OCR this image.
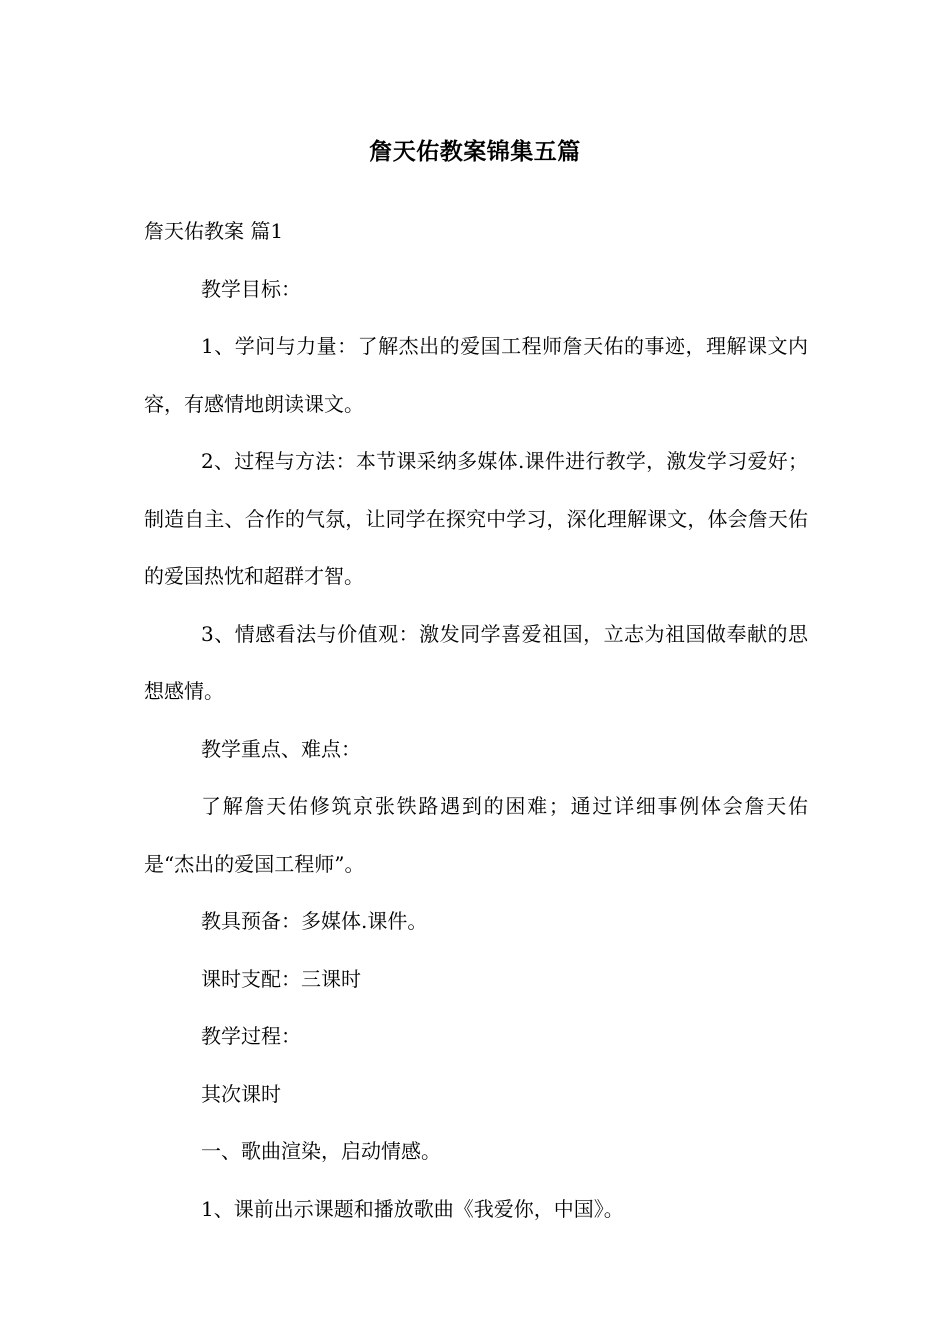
詹天佑教案锦集五篇

詹天佑教案 篇1

教学目标：

1、学问与力量：了解杰出的爱国工程师詹天佑的事迹，理解课文内容，有感情地朗读课文。

2、过程与方法：本节课采纳多媒体.课件进行教学，激发学习爱好；制造自主、合作的气氛，让同学在探究中学习，深化理解课文，体会詹天佑的爱国热忱和超群才智。

3、情感看法与价值观：激发同学喜爱祖国，立志为祖国做奉献的思想感情。

教学重点、难点：

了解詹天佑修筑京张铁路遇到的困难；通过详细事例体会詹天佑是“杰出的爱国工程师”。

教具预备：多媒体.课件。

课时支配：三课时

教学过程：

其次课时

一、歌曲渲染，启动情感。

1、课前出示课题和播放歌曲《我爱你，中国》。
